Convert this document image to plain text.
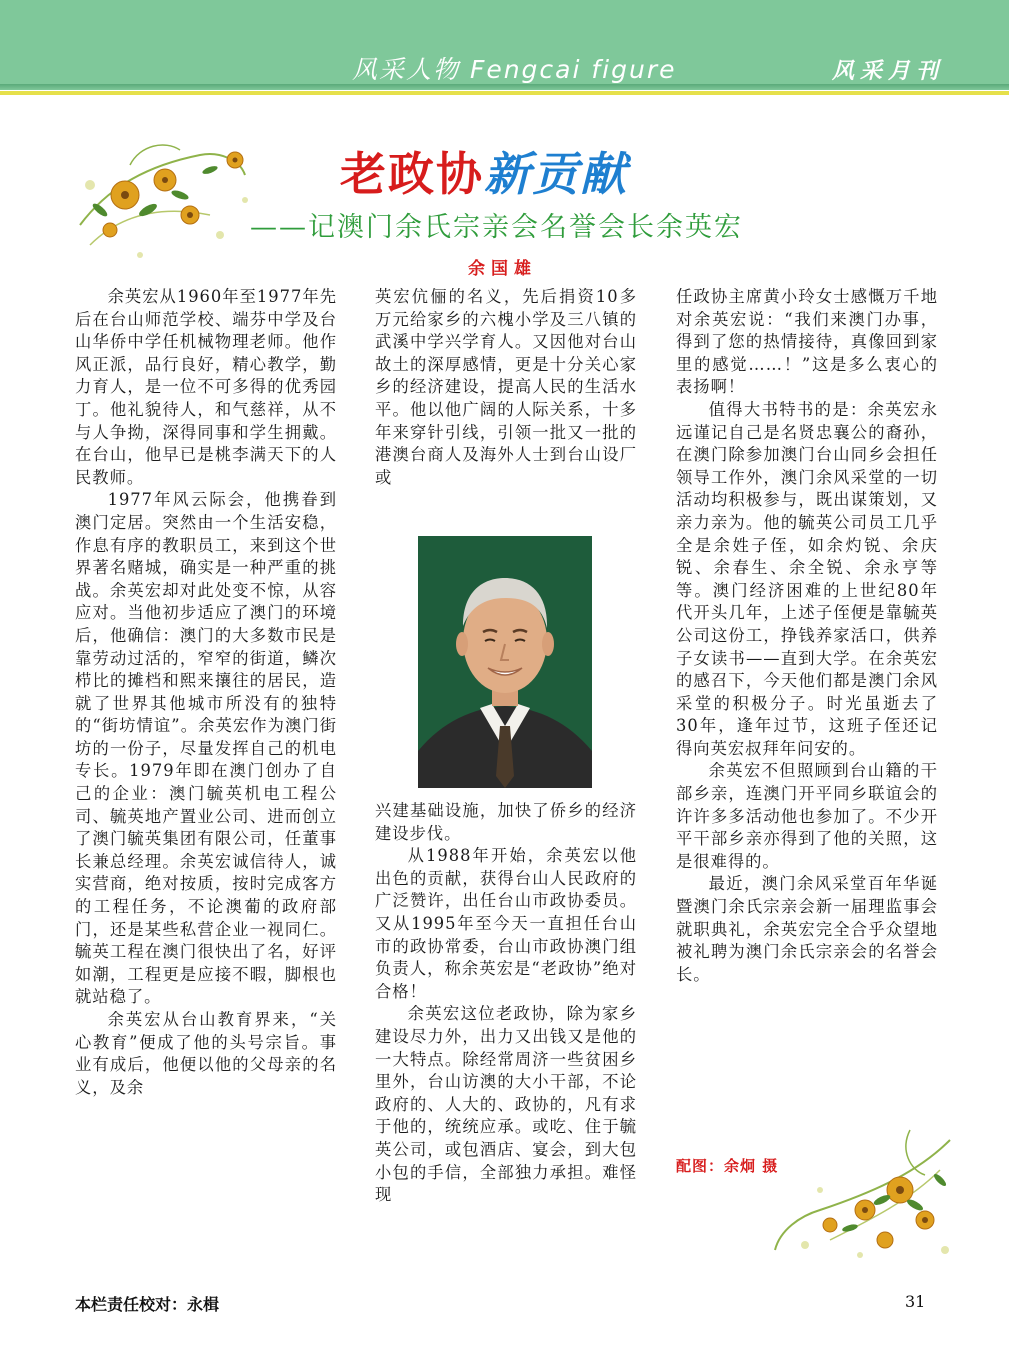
风采人物 Fengcai figure	风采月刊
老政协新贡献
——记澳门余氏宗亲会名誉会长余英宏
余国雄

余英宏从1960年至1977年先后在台山师范学校、端芬中学及台山华侨中学任机械物理老师。他作风正派，品行良好，精心教学，勤力育人，是一位不可多得的优秀园丁。他礼貌待人，和气慈祥，从不与人争拗，深得同事和学生拥戴。在台山，他早已是桃李满天下的人民教师。

1977年风云际会，他携眷到澳门定居。突然由一个生活安稳，作息有序的教职员工，来到这个世界著名赌城，确实是一种严重的挑战。余英宏却对此处变不惊，从容应对。当他初步适应了澳门的环境后，他确信：澳门的大多数市民是靠劳动过活的，窄窄的街道，鳞次栉比的摊档和熙来攘往的居民，造就了世界其他城市所没有的独特的“街坊情谊”。余英宏作为澳门街坊的一份子，尽量发挥自己的机电专长。1979年即在澳门创办了自己的企业：澳门毓英机电工程公司、毓英地产置业公司、进而创立了澳门毓英集团有限公司，任董事长兼总经理。余英宏诚信待人，诚实营商，绝对按质，按时完成客方的工程任务，不论澳葡的政府部门，还是某些私营企业一视同仁。毓英工程在澳门很快出了名，好评如潮，工程更是应接不暇，脚根也就站稳了。

余英宏从台山教育界来，“关心教育”便成了他的头号宗旨。事业有成后，他便以他的父母亲的名义，及余

英宏伉俪的名义，先后捐资10多万元给家乡的六槐小学及三八镇的武溪中学兴学育人。又因他对台山故土的深厚感情，更是十分关心家乡的经济建设，提高人民的生活水平。他以他广阔的人际关系，十多年来穿针引线，引领一批又一批的港澳台商人及海外人士到台山设厂或

兴建基础设施，加快了侨乡的经济建设步伐。

从1988年开始，余英宏以他出色的贡献，获得台山人民政府的广泛赞许，出任台山市政协委员。又从1995年至今天一直担任台山市的政协常委，台山市政协澳门组负责人，称余英宏是“老政协”绝对合格！

余英宏这位老政协，除为家乡建设尽力外，出力又出钱又是他的一大特点。除经常周济一些贫困乡里外，台山访澳的大小干部，不论政府的、人大的、政协的，凡有求于他的，统统应承。或吃、住于毓英公司，或包酒店、宴会，到大包小包的手信，全部独力承担。难怪现

任政协主席黄小玲女士感慨万千地对余英宏说：“我们来澳门办事，得到了您的热情接待，真像回到家里的感觉……！”这是多么衷心的表扬啊！

值得大书特书的是：余英宏永远谨记自己是名贤忠襄公的裔孙，在澳门除参加澳门台山同乡会担任领导工作外，澳门余风采堂的一切活动均积极参与，既出谋策划，又亲力亲为。他的毓英公司员工几乎全是余姓子侄，如余灼锐、余庆锐、余春生、余全锐、余永亨等等。澳门经济困难的上世纪80年代开头几年，上述子侄便是靠毓英公司这份工，挣钱养家活口，供养子女读书——直到大学。在余英宏的感召下，今天他们都是澳门余风采堂的积极分子。时光虽逝去了30年，逢年过节，这班子侄还记得向英宏叔拜年问安的。

余英宏不但照顾到台山籍的干部乡亲，连澳门开平同乡联谊会的许许多多活动他也参加了。不少开平干部乡亲亦得到了他的关照，这是很难得的。

最近，澳门余风采堂百年华诞暨澳门余氏宗亲会新一届理监事会就职典礼，余英宏完全合乎众望地被礼聘为澳门余氏宗亲会的名誉会长。

配图：余炯 摄
本栏责任校对：永楫	31
